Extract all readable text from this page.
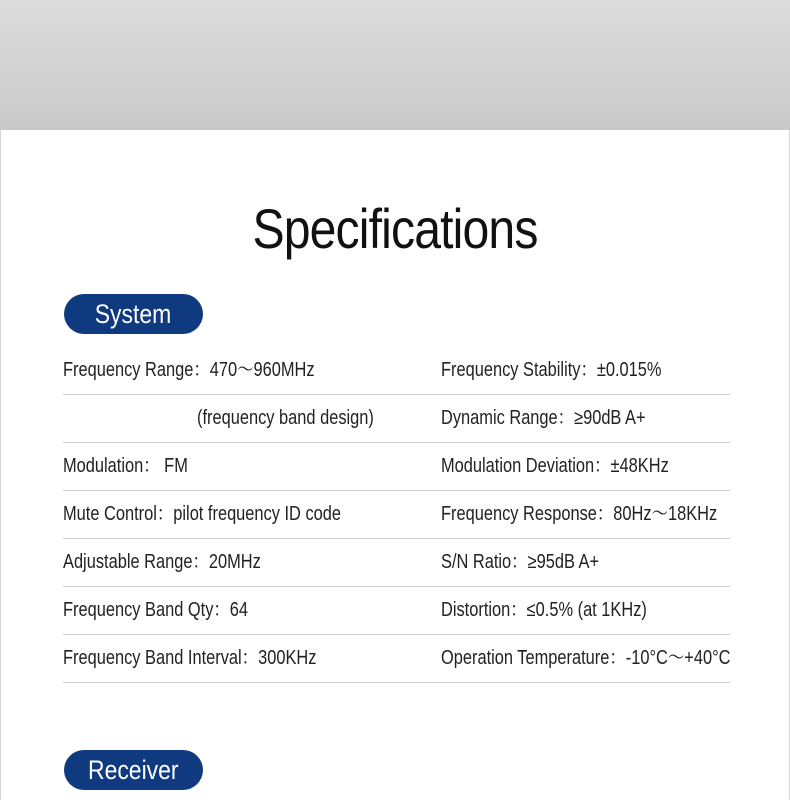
Specifications
System
Frequency Range：470～960MHz	Frequency Stability：±0.015%
(frequency band design)	Dynamic Range：≥90dB A+
Modulation： FM	Modulation Deviation：±48KHz
Mute Control：pilot frequency ID code	Frequency Response：80Hz～18KHz
Adjustable Range：20MHz	S/N Ratio：≥95dB A+
Frequency Band Qty：64	Distortion：≤0.5% (at 1KHz)
Frequency Band Interval：300KHz	Operation Temperature：-10°C～+40°C
Receiver
